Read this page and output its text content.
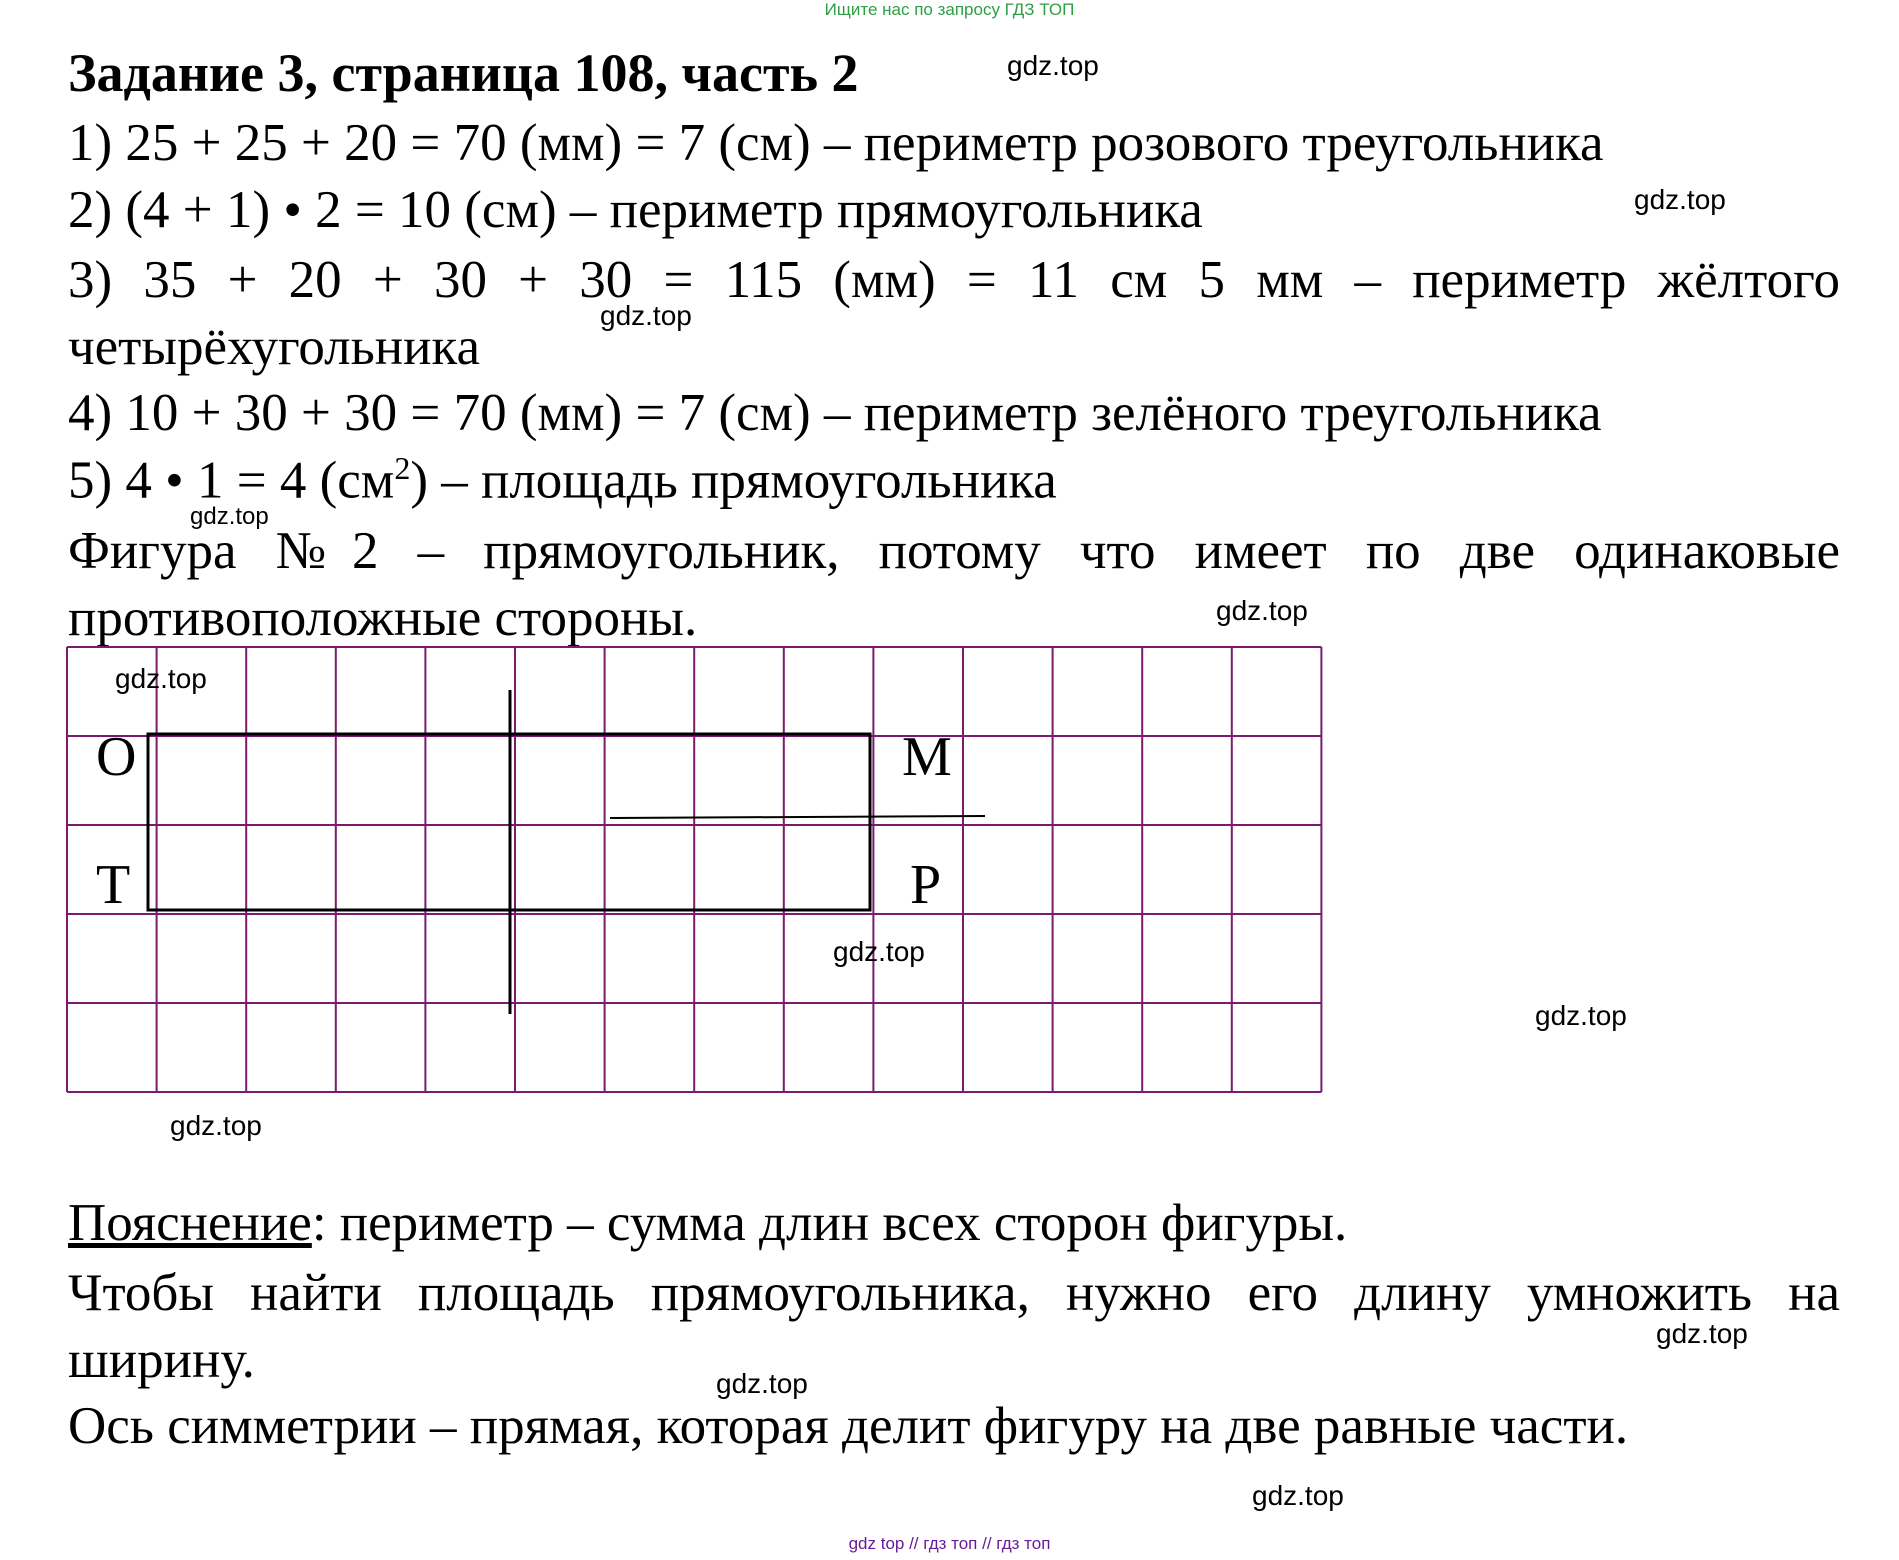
Ищите нас по запросу ГДЗ ТОП
Задание 3, страница 108, часть 2
1) 25 + 25 + 20 = 70 (мм) = 7 (см) – периметр розового треугольника
2) (4 + 1) • 2 = 10 (см) – периметр прямоугольника
3) 35 + 20 + 30 + 30 = 115 (мм) = 11 см 5 мм – периметр жёлтого
четырёхугольника
4) 10 + 30 + 30 = 70 (мм) = 7 (см) – периметр зелёного треугольника
5) 4 • 1 = 4 $(см^2)$ – площадь прямоугольника
Фигура №2 – прямоугольник, потому что имеет по две одинаковые
противоположные стороны.
O	M
T	P
Пояснение: периметр – сумма длин всех сторон фигуры.
Чтобы найти площадь прямоугольника, нужно его длину умножить на
ширину.
Ось симметрии – прямая, которая делит фигуру на две равные части.
gdz.top
gdz.top
gdz.top
gdz.top
gdz.top
gdz.top
gdz.top
gdz.top
gdz.top
gdz.top
gdz.top
gdz.top
gdz top // гдз топ // гдз топ
